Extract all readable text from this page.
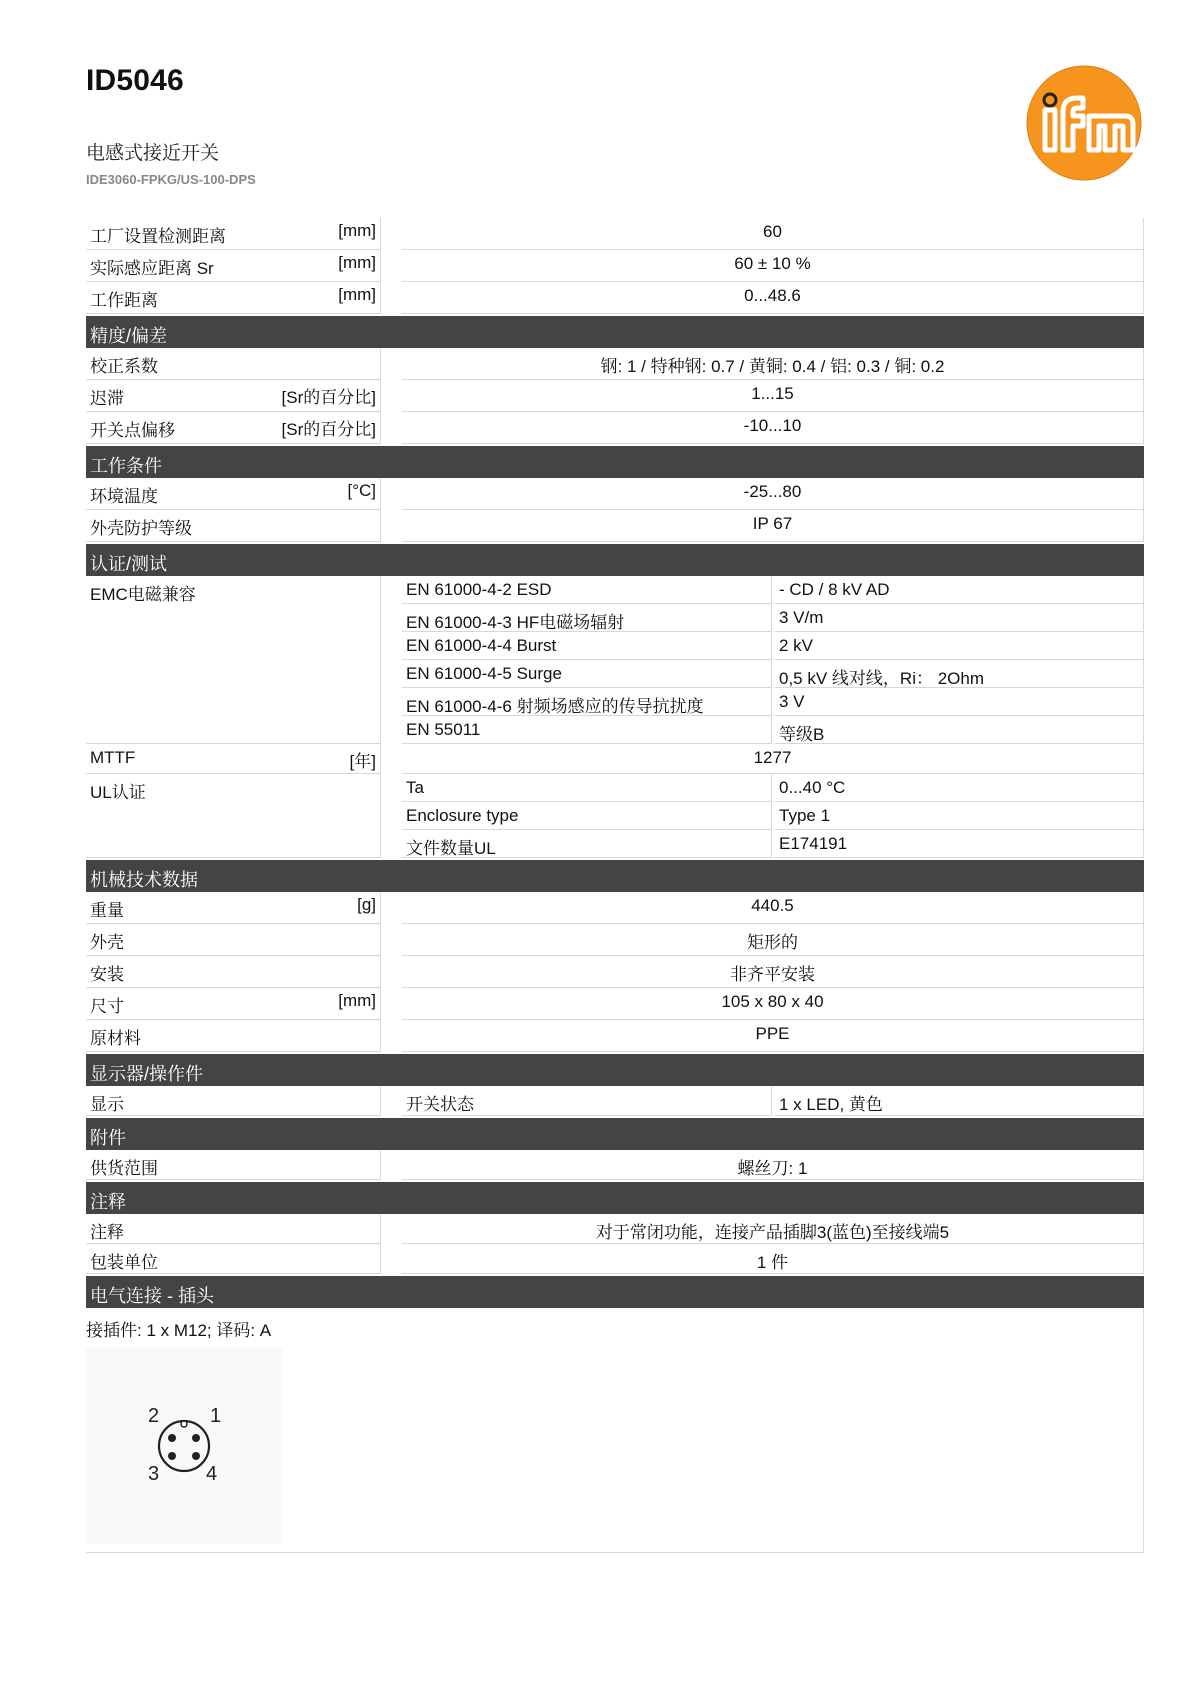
ID5046
电感式接近开关
IDE3060-FPKG/US-100-DPS
工厂设置检测距离	[mm]	60
实际感应距离 Sr	[mm]	60 ± 10 %
工作距离	[mm]	0...48.6
精度/偏差
校正系数	钢: 1 / 特种钢: 0.7 / 黄铜: 0.4 / 铝: 0.3 / 铜: 0.2
迟滞	[Sr的百分比]	1...15
开关点偏移	[Sr的百分比]	-10...10
工作条件
环境温度	[°C]	-25...80
外壳防护等级	IP 67
认证/测试
EMC电磁兼容	EN 61000-4-2 ESD	- CD / 8 kV AD
EN 61000-4-3 HF电磁场辐射	3 V/m
EN 61000-4-4 Burst	2 kV
EN 61000-4-5 Surge	0,5 kV 线对线，Ri： 2Ohm
EN 61000-4-6 射频场感应的传导抗扰度	3 V
EN 55011	等级B
MTTF	[年]	1277
UL认证	Ta	0...40 °C
Enclosure type	Type 1
文件数量UL	E174191
机械技术数据
重量	[g]	440.5
外壳	矩形的
安装	非齐平安装
尺寸	[mm]	105 x 80 x 40
原材料	PPE
显示器/操作件
显示	开关状态	1 x LED, 黄色
附件
供货范围	螺丝刀: 1
注释
注释	对于常闭功能，连接产品插脚3(蓝色)至接线端5
包装单位	1 件
电气连接 - 插头
接插件: 1 x M12; 译码: A
2	1
3 4
